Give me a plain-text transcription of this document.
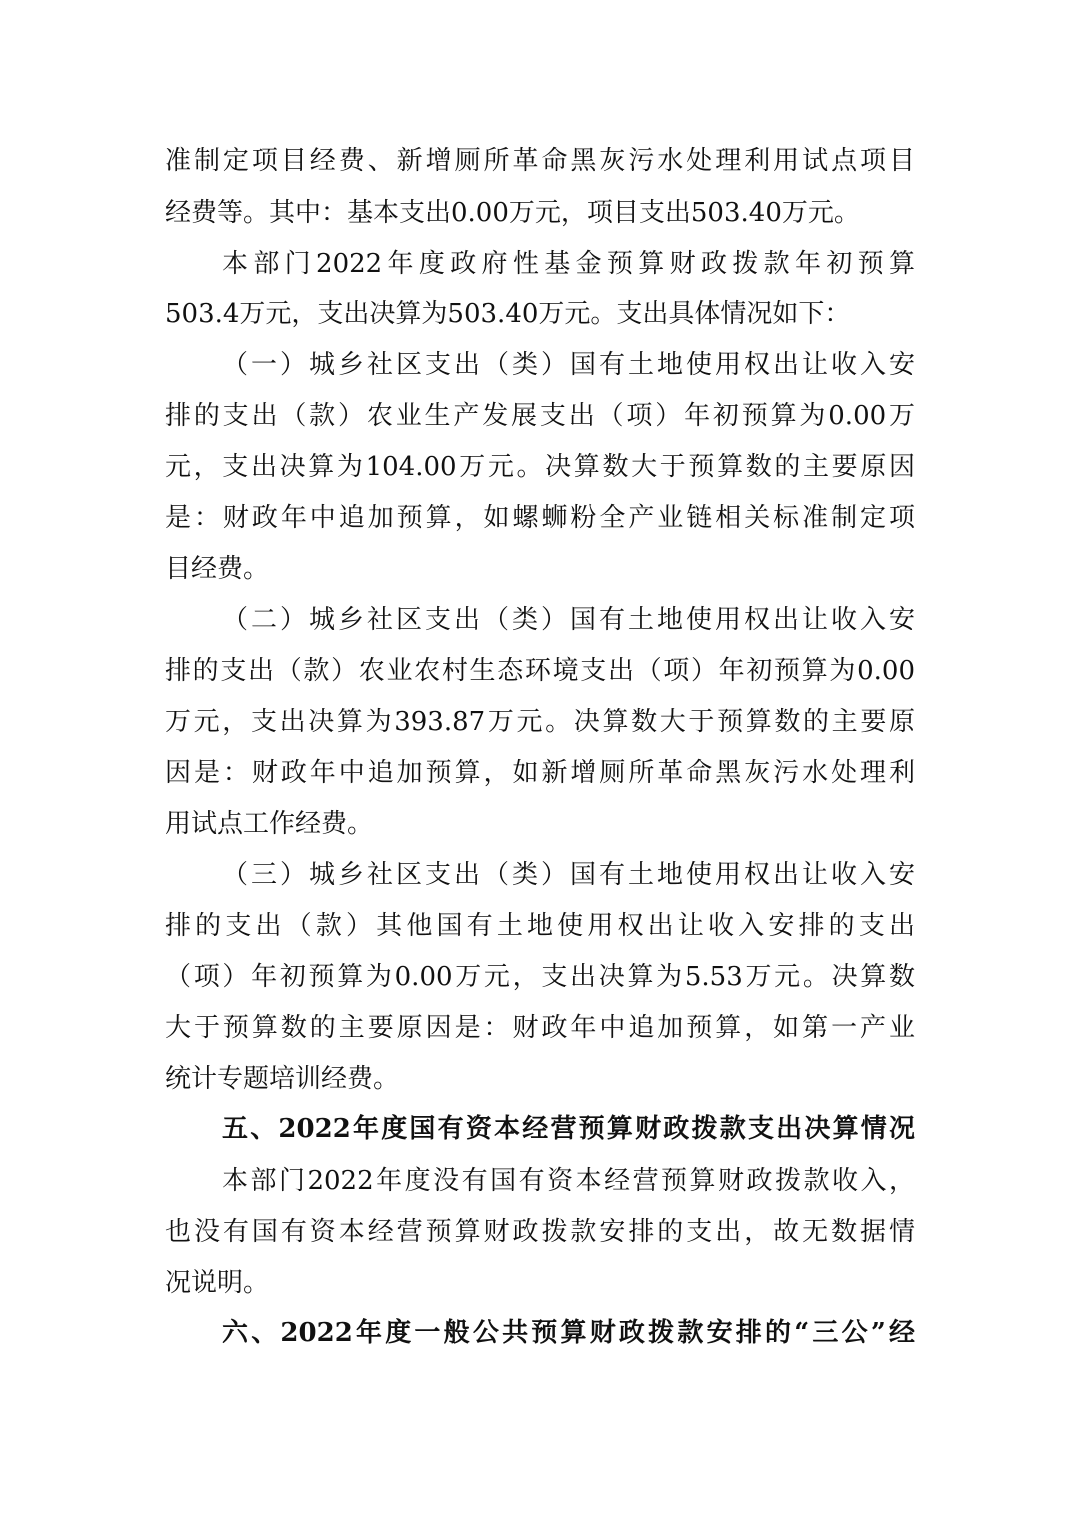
准制定项目经费、新增厕所革命黑灰污水处理利用试点项目
经费等。其中：基本支出0.00万元，项目支出503.40万元。
本部门2022年度政府性基金预算财政拨款年初预算
503.4万元，支出决算为503.40万元。支出具体情况如下：
（一）城乡社区支出（类）国有土地使用权出让收入安
排的支出（款）农业生产发展支出（项）年初预算为0.00万
元，支出决算为104.00万元。决算数大于预算数的主要原因
是：财政年中追加预算，如螺蛳粉全产业链相关标准制定项
目经费。
（二）城乡社区支出（类）国有土地使用权出让收入安
排的支出（款）农业农村生态环境支出（项）年初预算为0.00
万元，支出决算为393.87万元。决算数大于预算数的主要原
因是：财政年中追加预算，如新增厕所革命黑灰污水处理利
用试点工作经费。
（三）城乡社区支出（类）国有土地使用权出让收入安
排的支出（款）其他国有土地使用权出让收入安排的支出
（项）年初预算为0.00万元，支出决算为5.53万元。决算数
大于预算数的主要原因是：财政年中追加预算，如第一产业
统计专题培训经费。
五、2022年度国有资本经营预算财政拨款支出决算情况
本部门2022年度没有国有资本经营预算财政拨款收入，
也没有国有资本经营预算财政拨款安排的支出，故无数据情
况说明。
六、2022年度一般公共预算财政拨款安排的“三公”经
